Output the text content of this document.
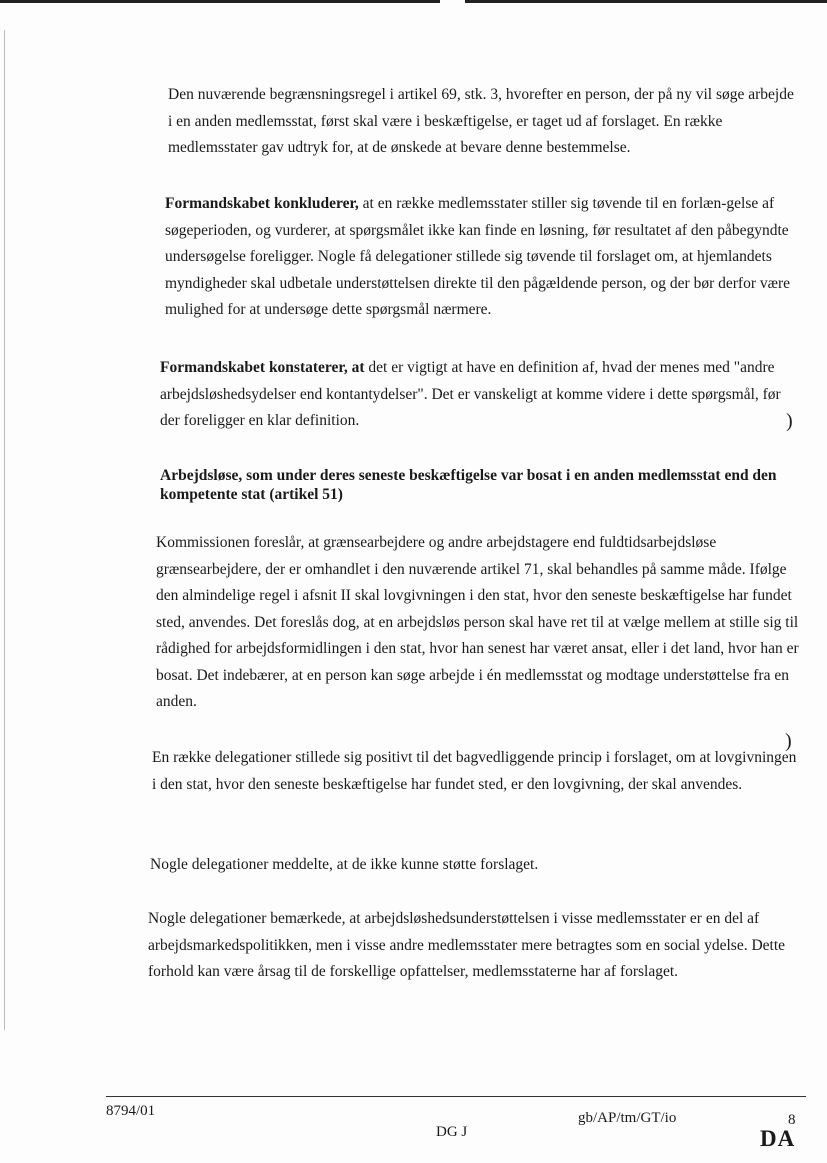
Den nuværende begrænsningsregel i artikel 69, stk. 3, hvorefter en person, der på ny vil søge arbejde i en anden medlemsstat, først skal være i beskæftigelse, er taget ud af forslaget. En række medlemsstater gav udtryk for, at de ønskede at bevare denne bestemmelse.

Formandskabet konkluderer, at en række medlemsstater stiller sig tøvende til en forlæn-gelse af søgeperioden, og vurderer, at spørgsmålet ikke kan finde en løsning, før resultatet af den påbegyndte undersøgelse foreligger. Nogle få delegationer stillede sig tøvende til forslaget om, at hjemlandets myndigheder skal udbetale understøttelsen direkte til den pågældende person, og der bør derfor være mulighed for at undersøge dette spørgsmål nærmere.

Formandskabet konstaterer, at det er vigtigt at have en definition af, hvad der menes med "andre arbejdsløshedsydelser end kontantydelser". Det er vanskeligt at komme videre i dette spørgsmål, før der foreligger en klar definition.	)

Arbejdsløse, som under deres seneste beskæftigelse var bosat i en anden medlemsstat end den kompetente stat (artikel 51)

Kommissionen foreslår, at grænsearbejdere og andre arbejdstagere end fuldtidsarbejdsløse grænsearbejdere, der er omhandlet i den nuværende artikel 71, skal behandles på samme måde. Ifølge den almindelige regel i afsnit II skal lovgivningen i den stat, hvor den seneste beskæftigelse har fundet sted, anvendes. Det foreslås dog, at en arbejdsløs person skal have ret til at vælge mellem at stille sig til rådighed for arbejdsformidlingen i den stat, hvor han senest har været ansat, eller i det land, hvor han er bosat. Det indebærer, at en person kan søge arbejde i én medlemsstat og modtage understøttelse fra en anden.

En række delegationer stillede sig positivt til det bagvedliggende princip i forslaget, om at lovgivningen i den stat, hvor den seneste beskæftigelse har fundet sted, er den lovgivning, der skal anvendes.

)

Nogle delegationer meddelte, at de ikke kunne støtte forslaget.

Nogle delegationer bemærkede, at arbejdsløshedsunderstøttelsen i visse medlemsstater er en del af arbejdsmarkedspolitikken, men i visse andre medlemsstater mere betragtes som en social ydelse. Dette forhold kan være årsag til de forskellige opfattelser, medlemsstaterne har af forslaget.

8794/01	gb/AP/tm/GT/io	8
DG J	DA
